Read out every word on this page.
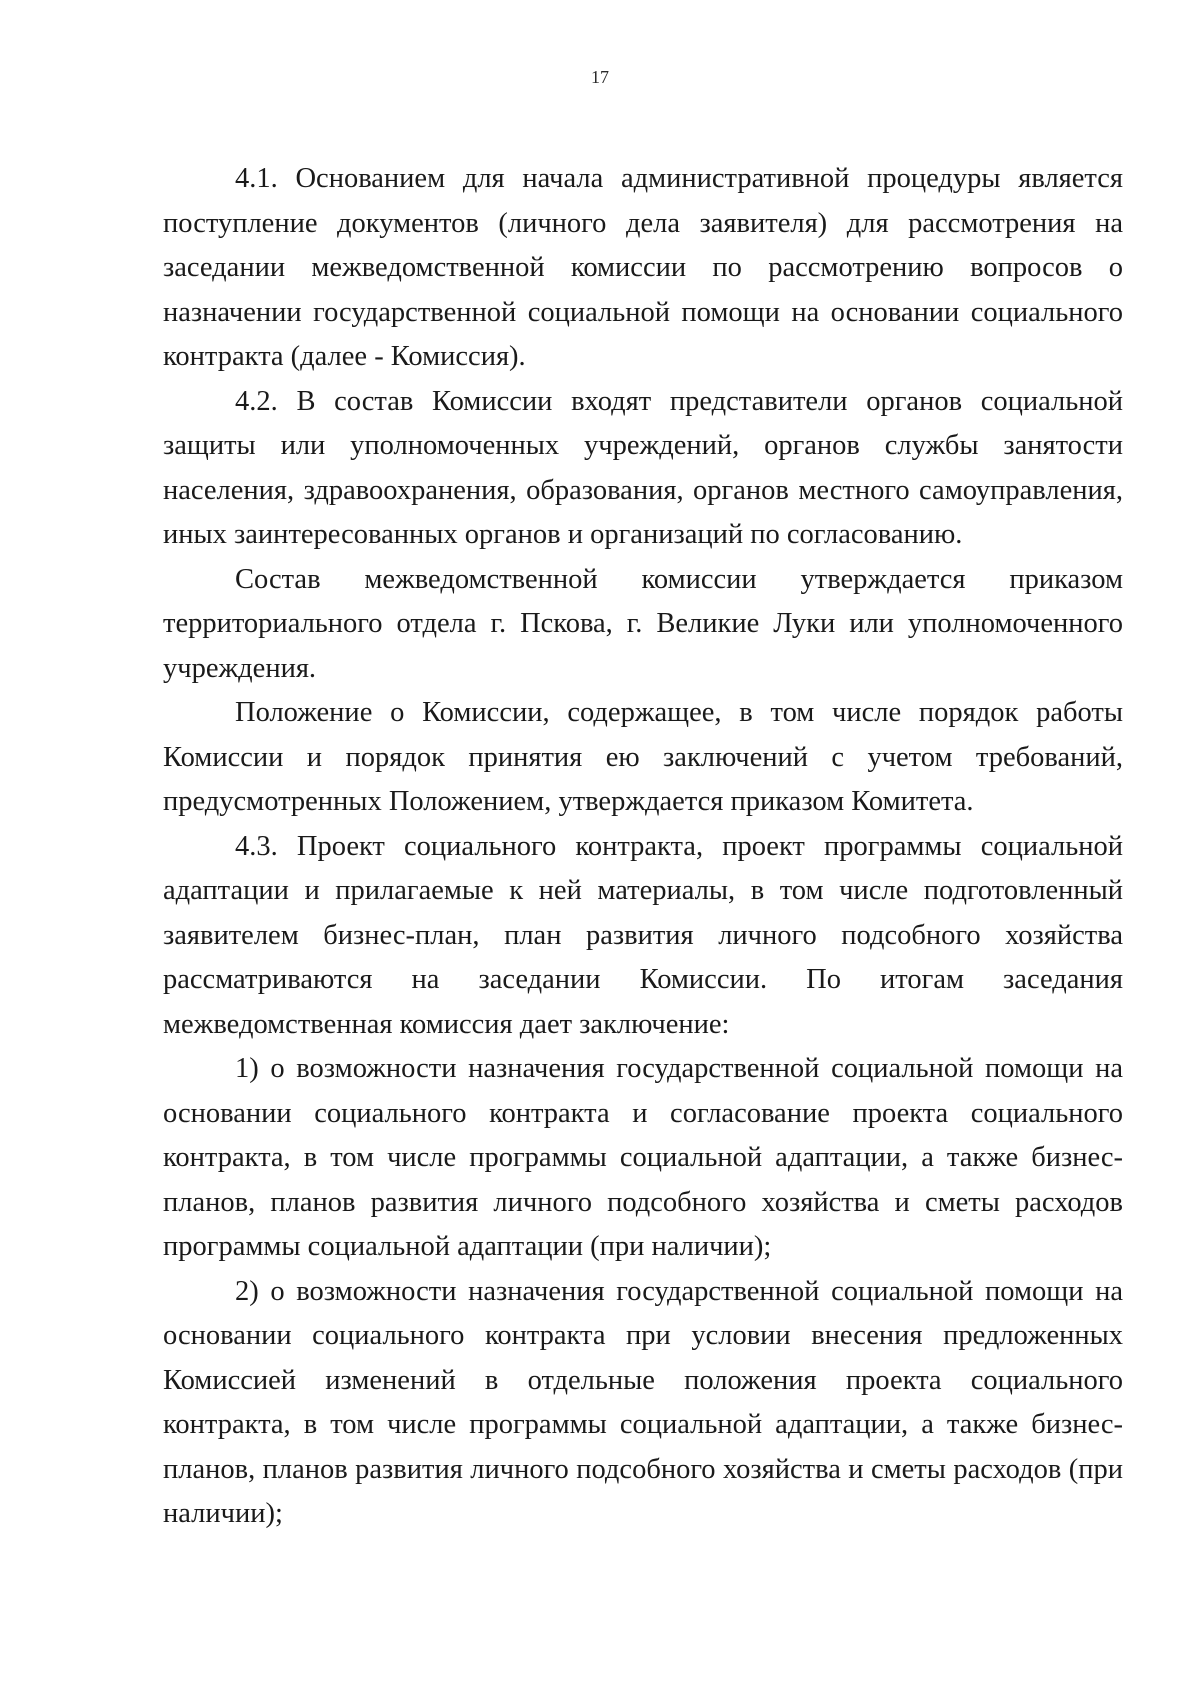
17

4.1. Основанием для начала административной процедуры является поступление документов (личного дела заявителя) для рассмотрения на заседании межведомственной комиссии по рассмотрению вопросов о назначении государственной социальной помощи на основании социального контракта (далее - Комиссия).

4.2. В состав Комиссии входят представители органов социальной защиты или уполномоченных учреждений, органов службы занятости населения, здравоохранения, образования, органов местного самоуправления, иных заинтересованных органов и организаций по согласованию.

Состав межведомственной комиссии утверждается приказом территориального отдела г. Пскова, г. Великие Луки или уполномоченного учреждения.

Положение о Комиссии, содержащее, в том числе порядок работы Комиссии и порядок принятия ею заключений с учетом требований, предусмотренных Положением, утверждается приказом Комитета.

4.3. Проект социального контракта, проект программы социальной адаптации и прилагаемые к ней материалы, в том числе подготовленный заявителем бизнес-план, план развития личного подсобного хозяйства рассматриваются на заседании Комиссии. По итогам заседания межведомственная комиссия дает заключение:

1) о возможности назначения государственной социальной помощи на основании социального контракта и согласование проекта социального контракта, в том числе программы социальной адаптации, а также бизнес-планов, планов развития личного подсобного хозяйства и сметы расходов программы социальной адаптации (при наличии);

2) о возможности назначения государственной социальной помощи на основании социального контракта при условии внесения предложенных Комиссией изменений в отдельные положения проекта социального контракта, в том числе программы социальной адаптации, а также бизнес-планов, планов развития личного подсобного хозяйства и сметы расходов (при наличии);
